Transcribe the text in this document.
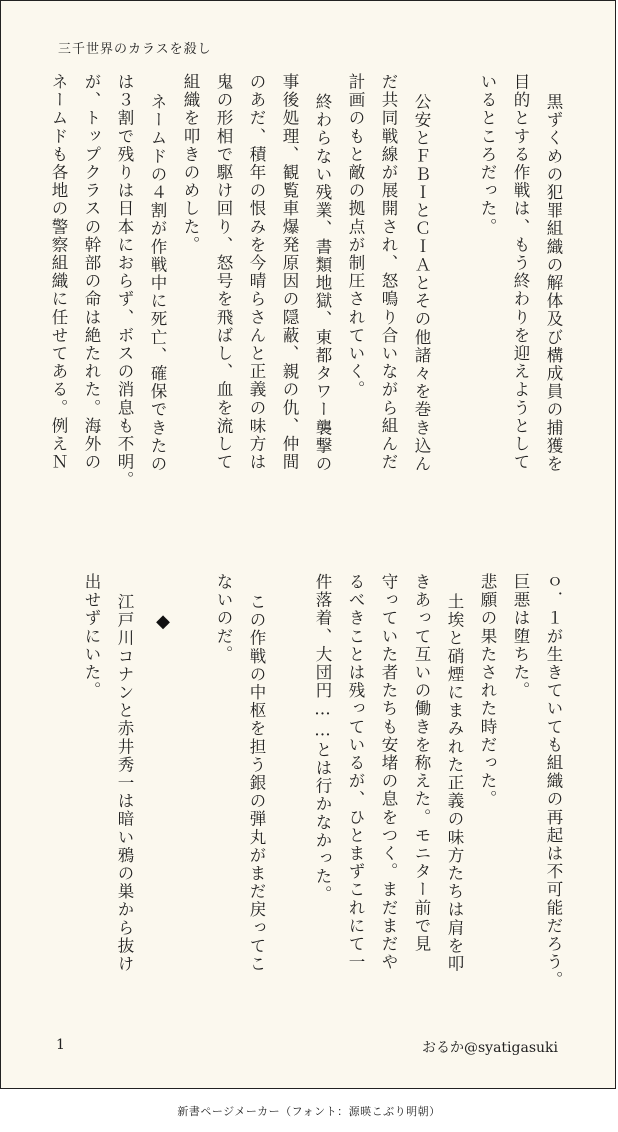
三千世界のカラスを殺し
黒ずくめの犯罪組織の解体及び構成員の捕獲を
目的とする作戦は、もう終わりを迎えようとして
いるところだった。
公安とＦＢＩとＣＩＡとその他諸々を巻き込ん
だ共同戦線が展開され、怒鳴り合いながら組んだ
計画のもと敵の拠点が制圧されていく。
終わらない残業、書類地獄、東都タワー襲撃の
事後処理、観覧車爆発原因の隠蔽、親の仇、仲間
のあだ、積年の恨みを今晴らさんと正義の味方は
鬼の形相で駆け回り、怒号を飛ばし、血を流して
組織を叩きのめした。
ネームドの４割が作戦中に死亡、確保できたの
は３割で残りは日本におらず、ボスの消息も不明。
が、トップクラスの幹部の命は絶たれた。海外の
ネームドも各地の警察組織に任せてある。例えＮ
ｏ．１が生きていても組織の再起は不可能だろう。
巨悪は堕ちた。
悲願の果たされた時だった。
土埃と硝煙にまみれた正義の味方たちは肩を叩
きあって互いの働きを称えた。モニター前で見
守っていた者たちも安堵の息をつく。まだまだや
るべきことは残っているが、ひとまずこれにて一
件落着、大団円……とは行かなかった。
この作戦の中枢を担う銀の弾丸がまだ戻ってこ
ないのだ。
江戸川コナンと赤井秀一は暗い鴉の巣から抜け
出せずにいた。	◆
1	おるか@syatigasuki
新書ページメーカー（フォント：源暎こぶり明朝）
